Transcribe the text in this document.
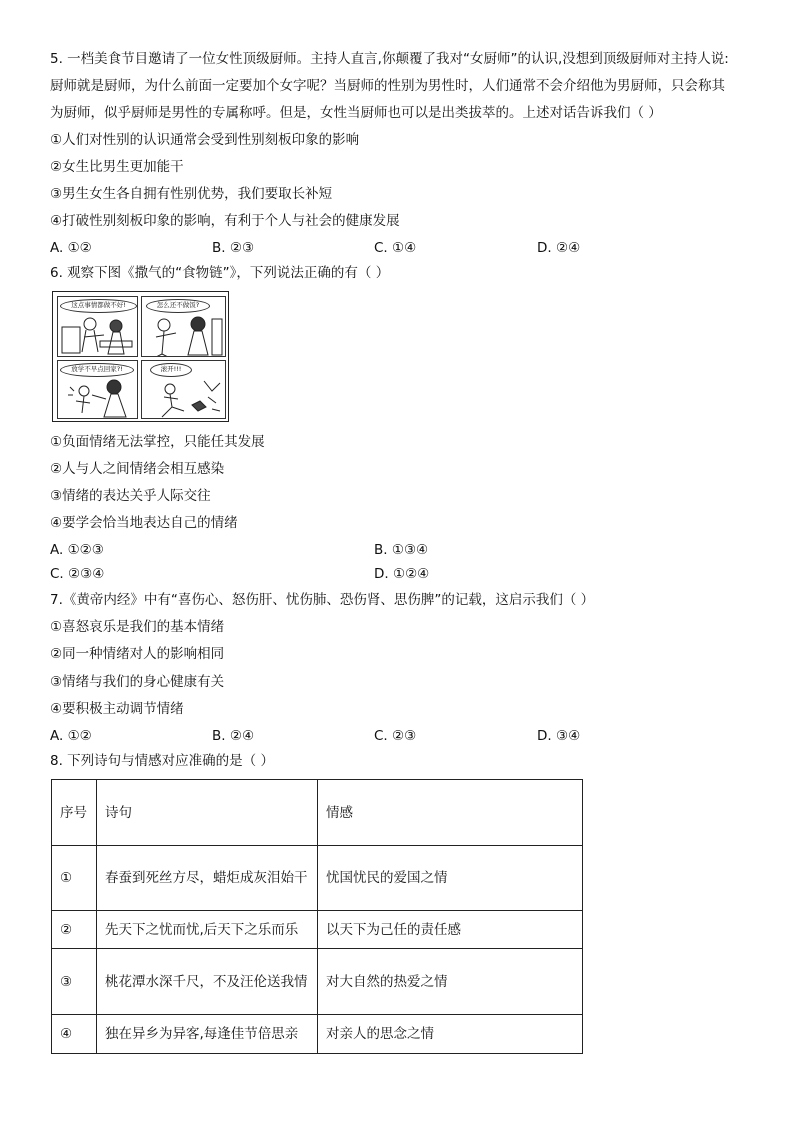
5. 一档美食节目邀请了一位女性顶级厨师。主持人直言,你颠覆了我对“女厨师”的认识,没想到顶级厨师对主持人说:
厨师就是厨师，为什么前面一定要加个女字呢？当厨师的性别为男性时，人们通常不会介绍他为男厨师，只会称其
为厨师，似乎厨师是男性的专属称呼。但是，女性当厨师也可以是出类拔萃的。上述对话告诉我们（ ）
①人们对性别的认识通常会受到性别刻板印象的影响
②女生比男生更加能干
③男生女生各自拥有性别优势，我们要取长补短
④打破性别刻板印象的影响，有利于个人与社会的健康发展
A. ①②	B. ②③	C. ①④	D. ②④
6. 观察下图《撒气的“食物链”》，下列说法正确的有（ ）
这点事情都做不好!	怎么还不做饭?
放学不早点回家?!	滚开!!!
①负面情绪无法掌控，只能任其发展
②人与人之间情绪会相互感染
③情绪的表达关乎人际交往
④要学会恰当地表达自己的情绪
A. ①②③	B. ①③④
C. ②③④	D. ①②④
7.《黄帝内经》中有“喜伤心、怒伤肝、忧伤肺、恐伤肾、思伤脾”的记载，这启示我们（ ）
①喜怒哀乐是我们的基本情绪
②同一种情绪对人的影响相同
③情绪与我们的身心健康有关
④要积极主动调节情绪
A. ①②	B. ②④	C. ②③	D. ③④
8. 下列诗句与情感对应准确的是（ ）
序号	诗句	情感
①	春蚕到死丝方尽，蜡炬成灰泪始干	忧国忧民的爱国之情
②	先天下之忧而忧,后天下之乐而乐	以天下为己任的责任感
③	桃花潭水深千尺，不及汪伦送我情	对大自然的热爱之情
④	独在异乡为异客,每逢佳节倍思亲	对亲人的思念之情
